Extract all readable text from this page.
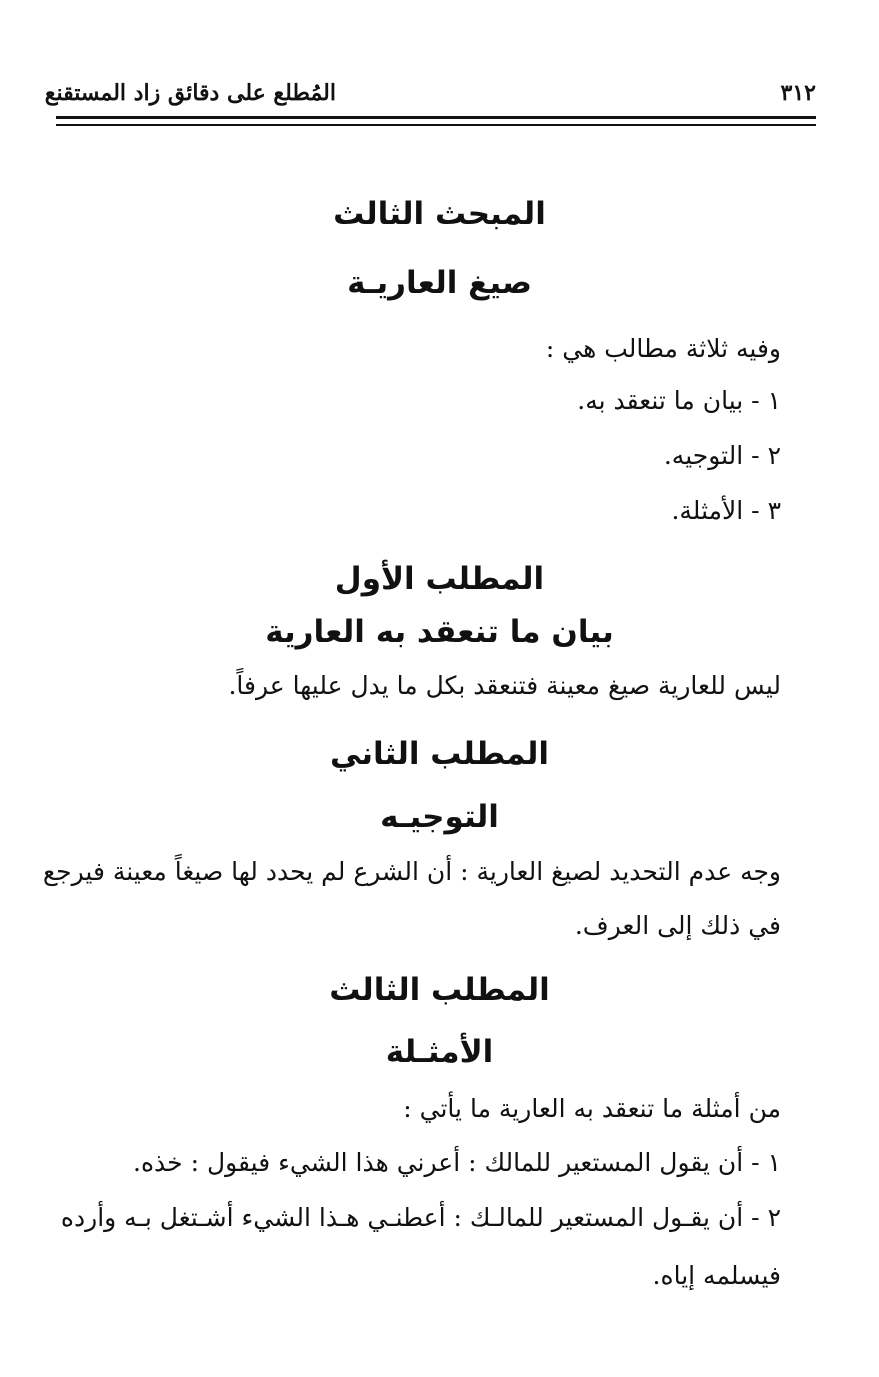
المُطلع على دقائق زاد المستقنع	٣١٢
المبحث الثالث
صيغ العاريـة
وفيه ثلاثة مطالب هي :
١ - بيان ما تنعقد به.
٢ - التوجيه.
٣ - الأمثلة.
المطلب الأول
بيان ما تنعقد به العارية
ليس للعارية صيغ معينة فتنعقد بكل ما يدل عليها عرفاً.
المطلب الثاني
التوجيـه
وجه عدم التحديد لصيغ العارية : أن الشرع لم يحدد لها صيغاً معينة فيرجع
في ذلك إلى العرف.
المطلب الثالث
الأمثـلة
من أمثلة ما تنعقد به العارية ما يأتي :
١ - أن يقول المستعير للمالك : أعرني هذا الشيء فيقول : خذه.
٢ - أن يقـول المستعير للمالـك : أعطنـي هـذا الشيء أشـتغل بـه وأرده
فيسلمه إياه.
